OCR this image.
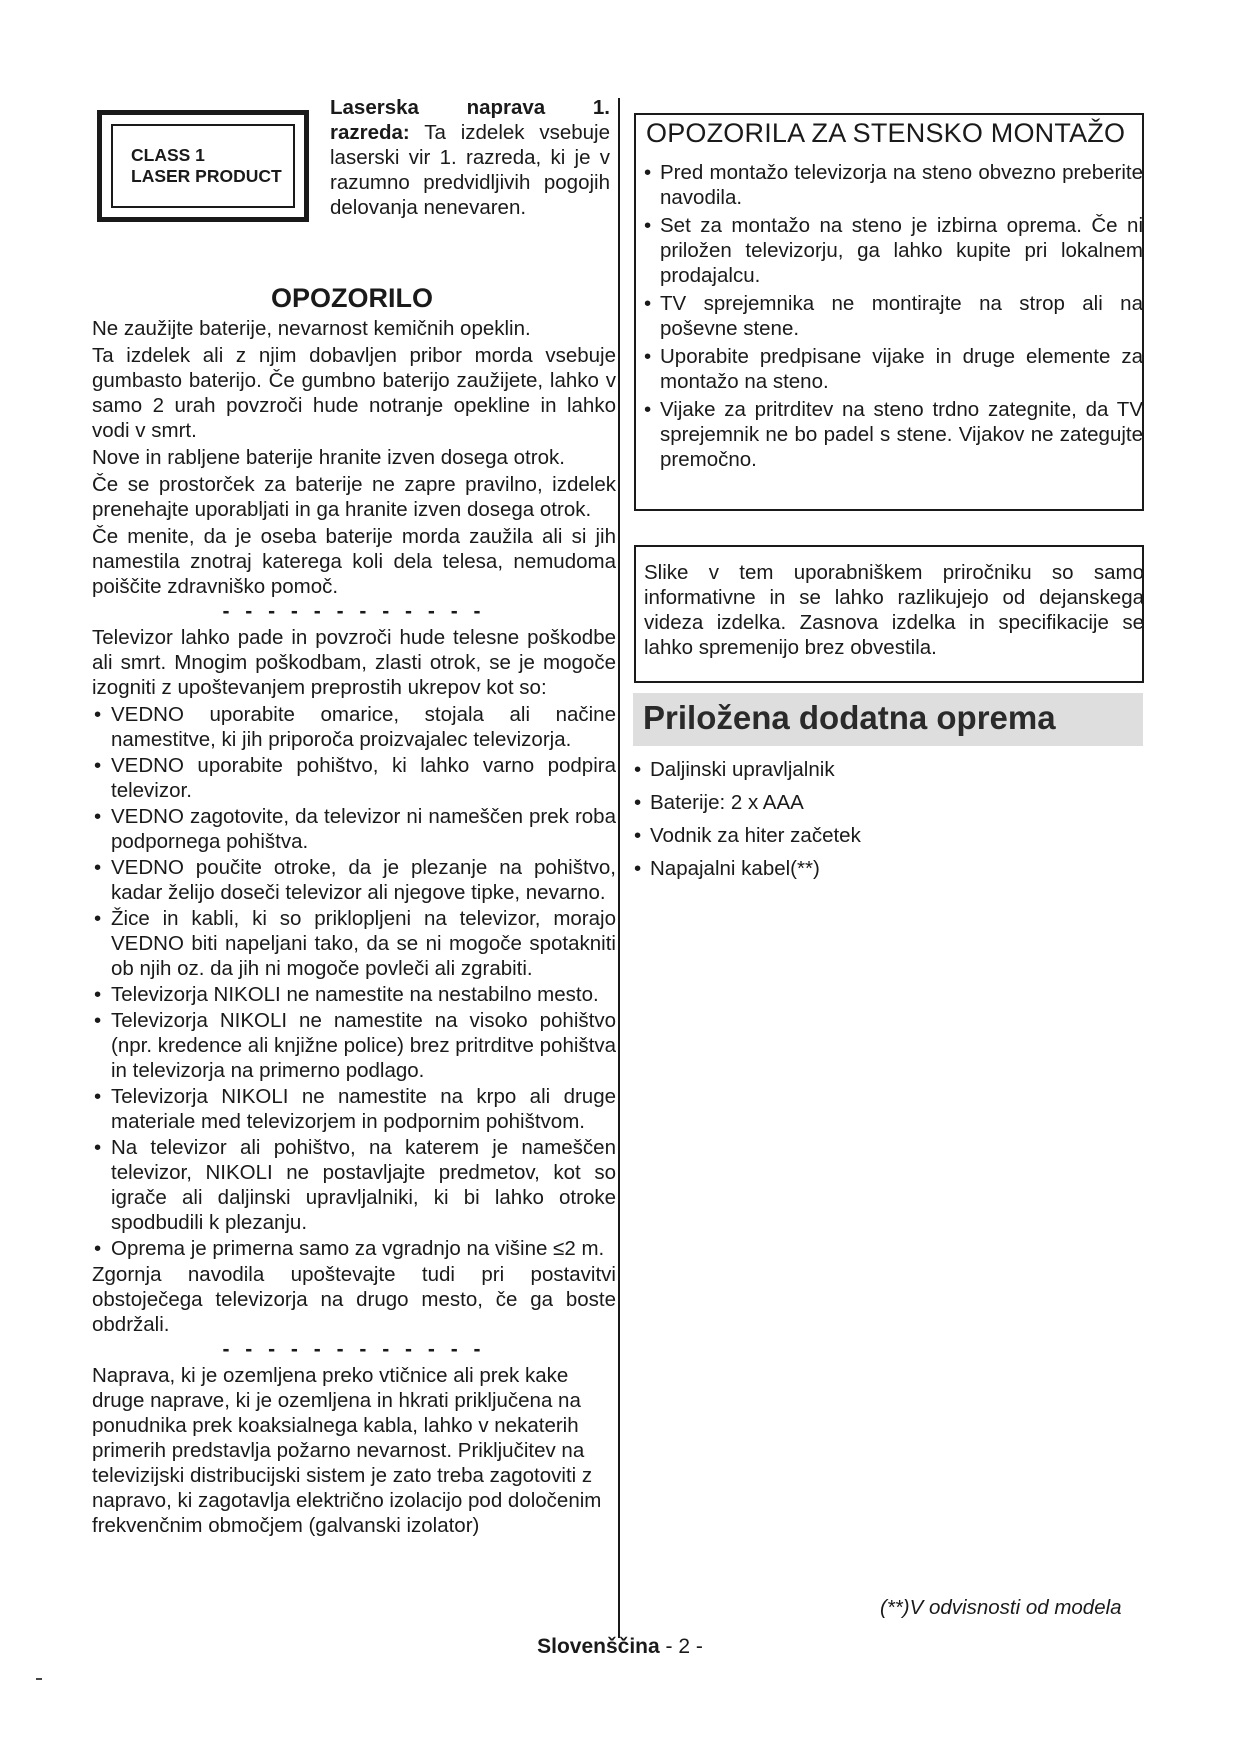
CLASS 1
LASER PRODUCT

Laserska naprava 1. razreda: Ta izdelek vsebuje laserski vir 1. razreda, ki je v razumno predvidljivih pogojih delovanja nenevaren.

OPOZORILO

Ne zaužijte baterije, nevarnost kemičnih opeklin.

Ta izdelek ali z njim dobavljen pribor morda vsebuje gumbasto baterijo. Če gumbno baterijo zaužijete, lahko v samo 2 urah povzroči hude notranje opekline in lahko vodi v smrt.

Nove in rabljene baterije hranite izven dosega otrok.

Če se prostorček za baterije ne zapre pravilno, izdelek prenehajte uporabljati in ga hranite izven dosega otrok.

Če menite, da je oseba baterije morda zaužila ali si jih namestila znotraj katerega koli dela telesa, nemudoma poiščite zdravniško pomoč.

- - - - - - - - - - - -

Televizor lahko pade in povzroči hude telesne poškodbe ali smrt. Mnogim poškodbam, zlasti otrok, se je mogoče izogniti z upoštevanjem preprostih ukrepov kot so:

• VEDNO uporabite omarice, stojala ali načine namestitve, ki jih priporoča proizvajalec televizorja.
• VEDNO uporabite pohištvo, ki lahko varno podpira televizor.
• VEDNO zagotovite, da televizor ni nameščen prek roba podpornega pohištva.
• VEDNO poučite otroke, da je plezanje na pohištvo, kadar želijo doseči televizor ali njegove tipke, nevarno.
• Žice in kabli, ki so priklopljeni na televizor, morajo VEDNO biti napeljani tako, da se ni mogoče spotakniti ob njih oz. da jih ni mogoče povleči ali zgrabiti.
• Televizorja NIKOLI ne namestite na nestabilno mesto.
• Televizorja NIKOLI ne namestite na visoko pohištvo (npr. kredence ali knjižne police) brez pritrditve pohištva in televizorja na primerno podlago.
• Televizorja NIKOLI ne namestite na krpo ali druge materiale med televizorjem in podpornim pohištvom.
• Na televizor ali pohištvo, na katerem je nameščen televizor, NIKOLI ne postavljajte predmetov, kot so igrače ali daljinski upravljalniki, ki bi lahko otroke spodbudili k plezanju.
• Oprema je primerna samo za vgradnjo na višine ≤2 m.

Zgornja navodila upoštevajte tudi pri postavitvi obstoječega televizorja na drugo mesto, če ga boste obdržali.

- - - - - - - - - - - -

Naprava, ki je ozemljena preko vtičnice ali prek kake druge naprave, ki je ozemljena in hkrati priključena na ponudnika prek koaksialnega kabla, lahko v nekaterih primerih predstavlja požarno nevarnost. Priključitev na televizijski distribucijski sistem je zato treba zagotoviti z napravo, ki zagotavlja električno izolacijo pod določenim frekvenčnim območjem (galvanski izolator)

OPOZORILA ZA STENSKO MONTAŽO
• Pred montažo televizorja na steno obvezno preberite navodila.
• Set za montažo na steno je izbirna oprema. Če ni priložen televizorju, ga lahko kupite pri lokalnem prodajalcu.
• TV sprejemnika ne montirajte na strop ali na poševne stene.
• Uporabite predpisane vijake in druge elemente za montažo na steno.
• Vijake za pritrditev na steno trdno zategnite, da TV sprejemnik ne bo padel s stene. Vijakov ne zategujte premočno.

Slike v tem uporabniškem priročniku so samo informativne in se lahko razlikujejo od dejanskega videza izdelka. Zasnova izdelka in specifikacije se lahko spremenijo brez obvestila.

Priložena dodatna oprema
• Daljinski upravljalnik
• Baterije: 2 x AAA
• Vodnik za hiter začetek
• Napajalni kabel(**)

(**)V odvisnosti od modela

Slovenščina - 2 -
